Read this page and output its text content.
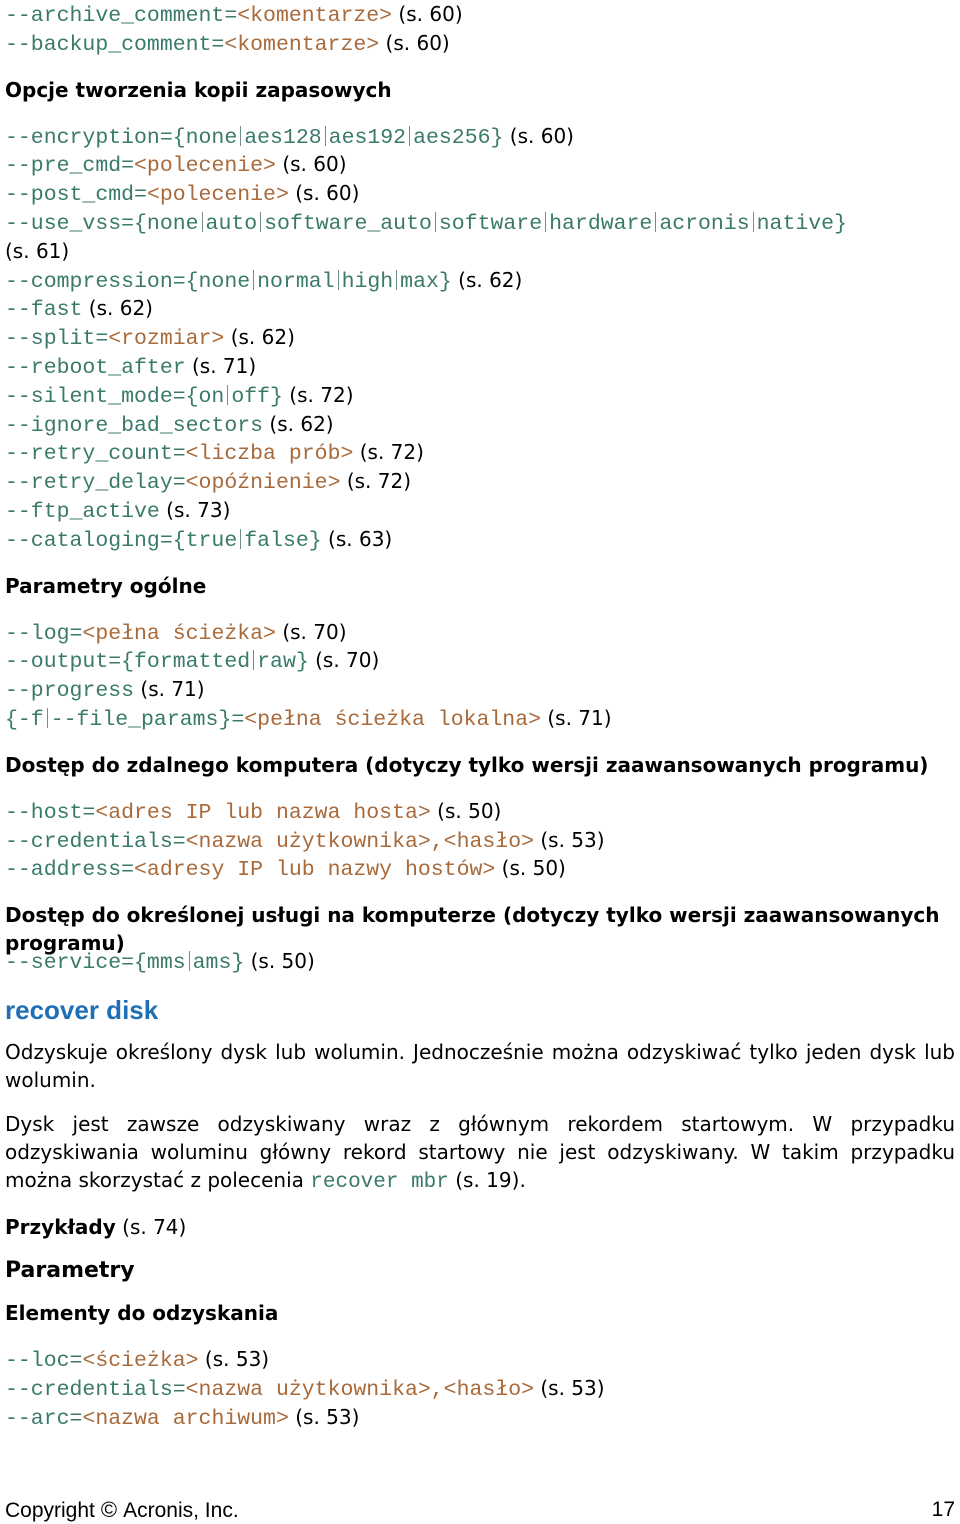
--archive_comment=<komentarze> (s. 60)
--backup_comment=<komentarze> (s. 60)
Opcje tworzenia kopii zapasowych
--encryption={none aes128 aes192 aes256} (s. 60)
--pre_cmd=<polecenie> (s. 60)
--post_cmd=<polecenie> (s. 60)
--use_vss={none auto software_auto software hardware acronis native}
(s. 61)
--compression={none normal high max} (s. 62)
--fast (s. 62)
--split=<rozmiar> (s. 62)
--reboot_after (s. 71)
--silent_mode={on off} (s. 72)
--ignore_bad_sectors (s. 62)
--retry_count=<liczba prób> (s. 72)
--retry_delay=<opóźnienie> (s. 72)
--ftp_active (s. 73)
--cataloging={true false} (s. 63)
Parametry ogólne
--log=<pełna ścieżka> (s. 70)
--output={formatted raw} (s. 70)
--progress (s. 71)
{-f --file_params}=<pełna ścieżka lokalna> (s. 71)
Dostęp do zdalnego komputera (dotyczy tylko wersji zaawansowanych programu)
--host=<adres IP lub nazwa hosta> (s. 50)
--credentials=<nazwa użytkownika>,<hasło> (s. 53)
--address=<adresy IP lub nazwy hostów> (s. 50)
Dostęp do określonej usługi na komputerze (dotyczy tylko wersji zaawansowanych programu)
--service={mms ams} (s. 50)
recover disk
Odzyskuje określony dysk lub wolumin. Jednocześnie można odzyskiwać tylko jeden dysk lub wolumin.
Dysk jest zawsze odzyskiwany wraz z głównym rekordem startowym. W przypadku odzyskiwania woluminu główny rekord startowy nie jest odzyskiwany. W takim przypadku można skorzystać z polecenia recover mbr (s. 19).
Przykłady (s. 74)
Parametry
Elementy do odzyskania
--loc=<ścieżka> (s. 53)
--credentials=<nazwa użytkownika>,<hasło> (s. 53)
--arc=<nazwa archiwum> (s. 53)
Copyright © Acronis, Inc.	17
